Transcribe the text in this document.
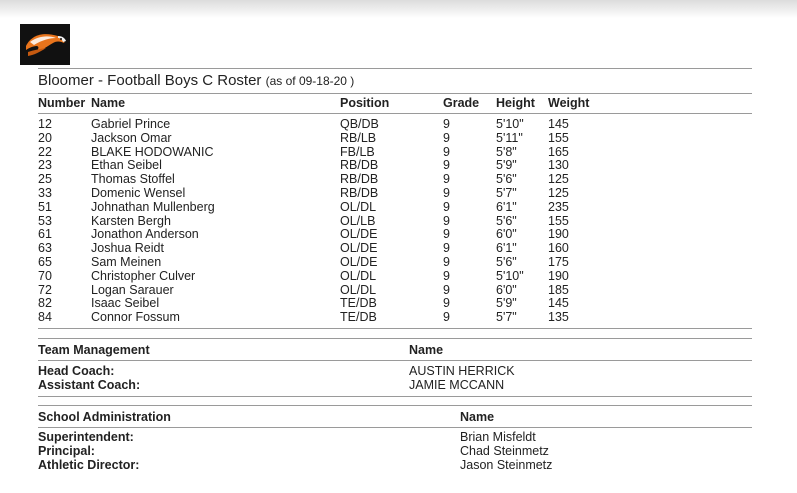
Bloomer - Football Boys C Roster (as of 09-18-20 )
Number Name	Position	Grade Height Weight
12	Gabriel Prince	QB/DB	9	5'10" 145
20	Jackson Omar	RB/LB	9	5'11" 155
22	BLAKE HODOWANIC	FB/LB	9	5'8"	165
23	Ethan Seibel	RB/DB	9	5'9"	130
25	Thomas Stoffel	RB/DB	9	5'6"	125
33	Domenic Wensel	RB/DB	9	5'7"	125
51	Johnathan Mullenberg	OL/DL	9	6'1"	235
53	Karsten Bergh	OL/LB	9	5'6"	155
61	Jonathon Anderson	OL/DE	9	6'0"	190
63	Joshua Reidt	OL/DE	9	6'1"	160
65	Sam Meinen	OL/DE	9	5'6"	175
70	Christopher Culver	OL/DL	9	5'10" 190
72	Logan Sarauer	OL/DL	9	6'0"	185
82	Isaac Seibel	TE/DB	9	5'9"	145
84	Connor Fossum	TE/DB	9	5'7"	135
Team Management	Name
Head Coach:	AUSTIN HERRICK
Assistant Coach:	JAMIE MCCANN
School Administration	Name
Superintendent:	Brian Misfeldt
Principal:	Chad Steinmetz
Athletic Director:	Jason Steinmetz
